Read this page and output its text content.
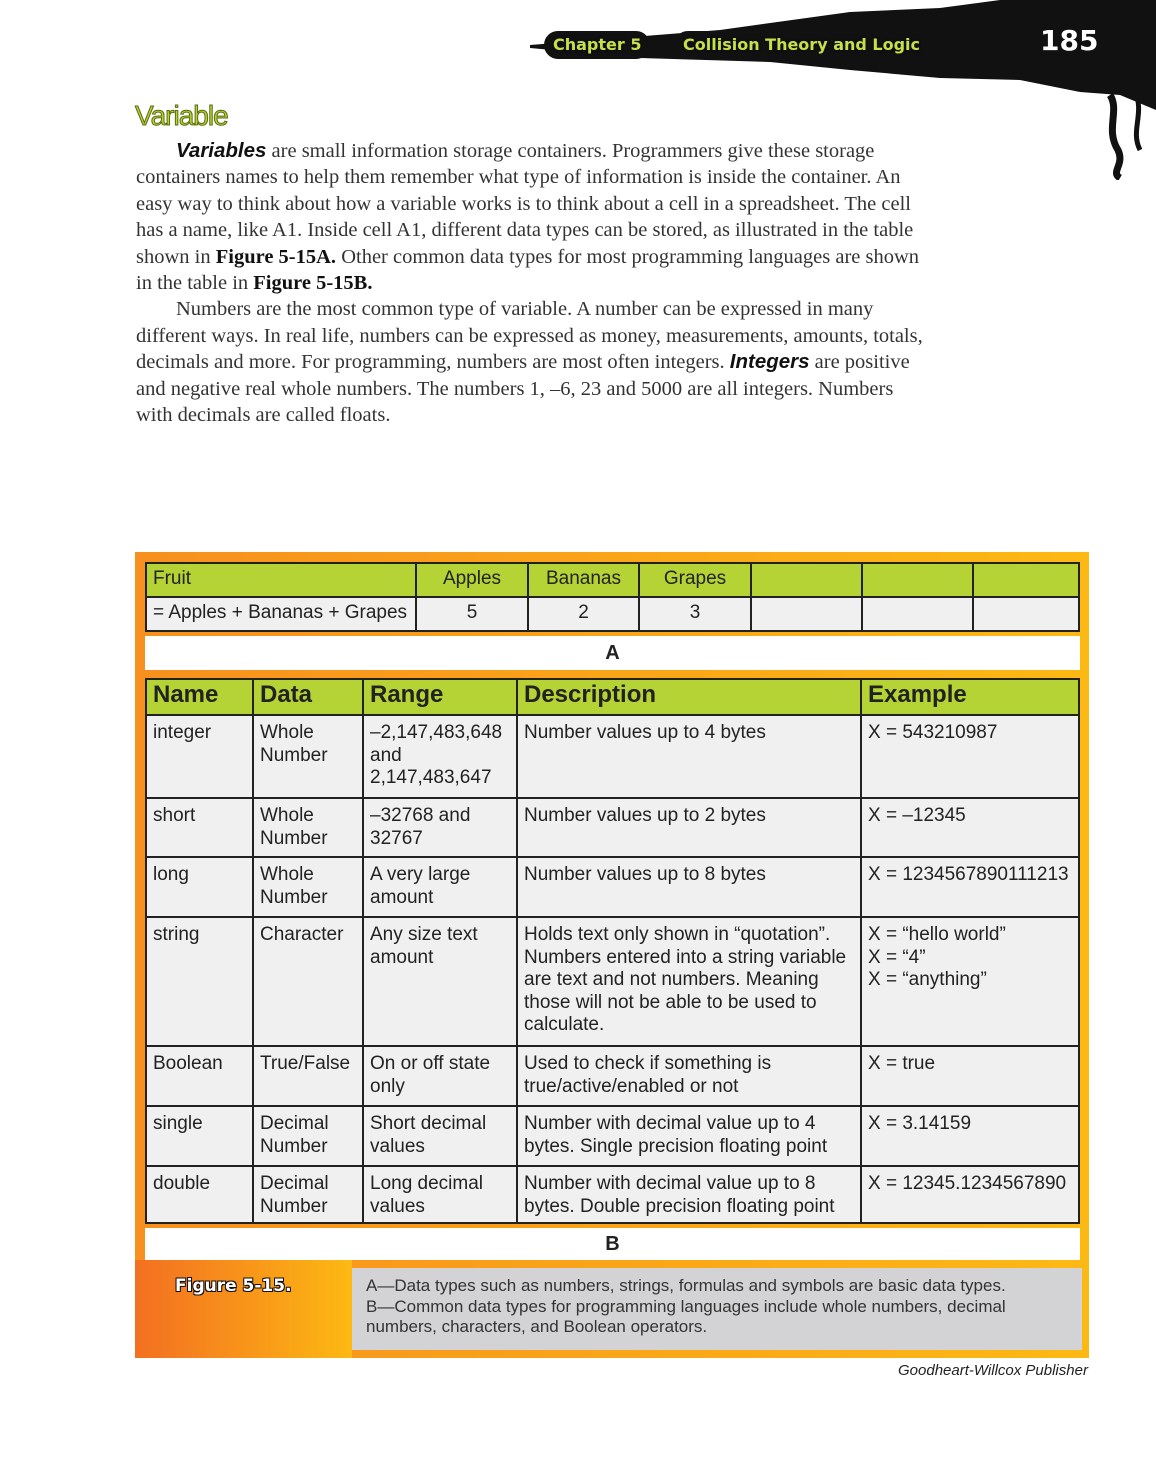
Chapter 5	Collision Theory and Logic	185
Variable

Variables are small information storage containers. Programmers give these storage containers names to help them remember what type of information is inside the container. An easy way to think about how a variable works is to think about a cell in a spreadsheet. The cell has a name, like A1. Inside cell A1, different data types can be stored, as illustrated in the table shown in Figure 5-15A. Other common data types for most programming languages are shown in the table in Figure 5-15B.

Numbers are the most common type of variable. A number can be expressed in many different ways. In real life, numbers can be expressed as money, measurements, amounts, totals, decimals and more. For programming, numbers are most often integers. Integers are positive and negative real whole numbers. The numbers 1, –6, 23 and 5000 are all integers. Numbers with decimals are called floats.

Fruit	Apples	Bananas	Grapes			
= Apples + Bananas + Grapes	5	2	3			
A
Name	Data	Range	Description	Example
integer	Whole Number	–2,147,483,648 and 2,147,483,647	Number values up to 4 bytes	X = 543210987
short	Whole Number	–32768 and 32767	Number values up to 2 bytes	X = –12345
long	Whole Number	A very large amount	Number values up to 8 bytes	X = 1234567890111213
string	Character	Any size text amount	Holds text only shown in “quotation”. Numbers entered into a string variable are text and not numbers. Meaning those will not be able to be used to calculate.	X = “hello world”
X = “4”
X = “anything”
Boolean	True/False	On or off state only	Used to check if something is true/active/enabled or not	X = true
single	Decimal Number	Short decimal values	Number with decimal value up to 4 bytes. Single precision floating point	X = 3.14159
double	Decimal Number	Long decimal values	Number with decimal value up to 8 bytes. Double precision floating point	X = 12345.1234567890
B
Figure 5-15.	A—Data types such as numbers, strings, formulas and symbols are basic data types.
B—Common data types for programming languages include whole numbers, decimal numbers, characters, and Boolean operators.
Goodheart-Willcox Publisher
